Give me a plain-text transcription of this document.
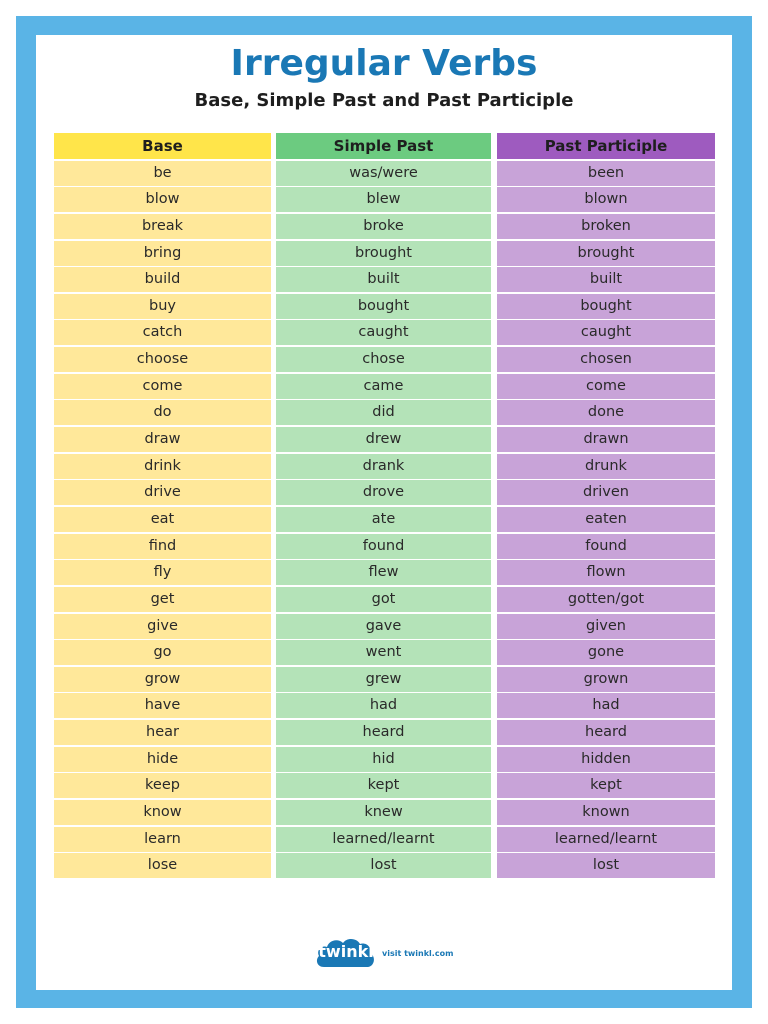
Irregular Verbs
Base, Simple Past and Past Participle
Base
be
blow
break
bring
build
buy
catch
choose
come
do
draw
drink
drive
eat
find
fly
get
give
go
grow
have
hear
hide
keep
know
learn
lose
Simple Past
was/were
blew
broke
brought
built
bought
caught
chose
came
did
drew
drank
drove
ate
found
flew
got
gave
went
grew
had
heard
hid
kept
knew
learned/learnt
lost
Past Participle
been
blown
broken
brought
built
bought
caught
chosen
come
done
drawn
drunk
driven
eaten
found
flown
gotten/got
given
gone
grown
had
heard
hidden
kept
known
learned/learnt
lost
twinkl	visit twinkl.com
